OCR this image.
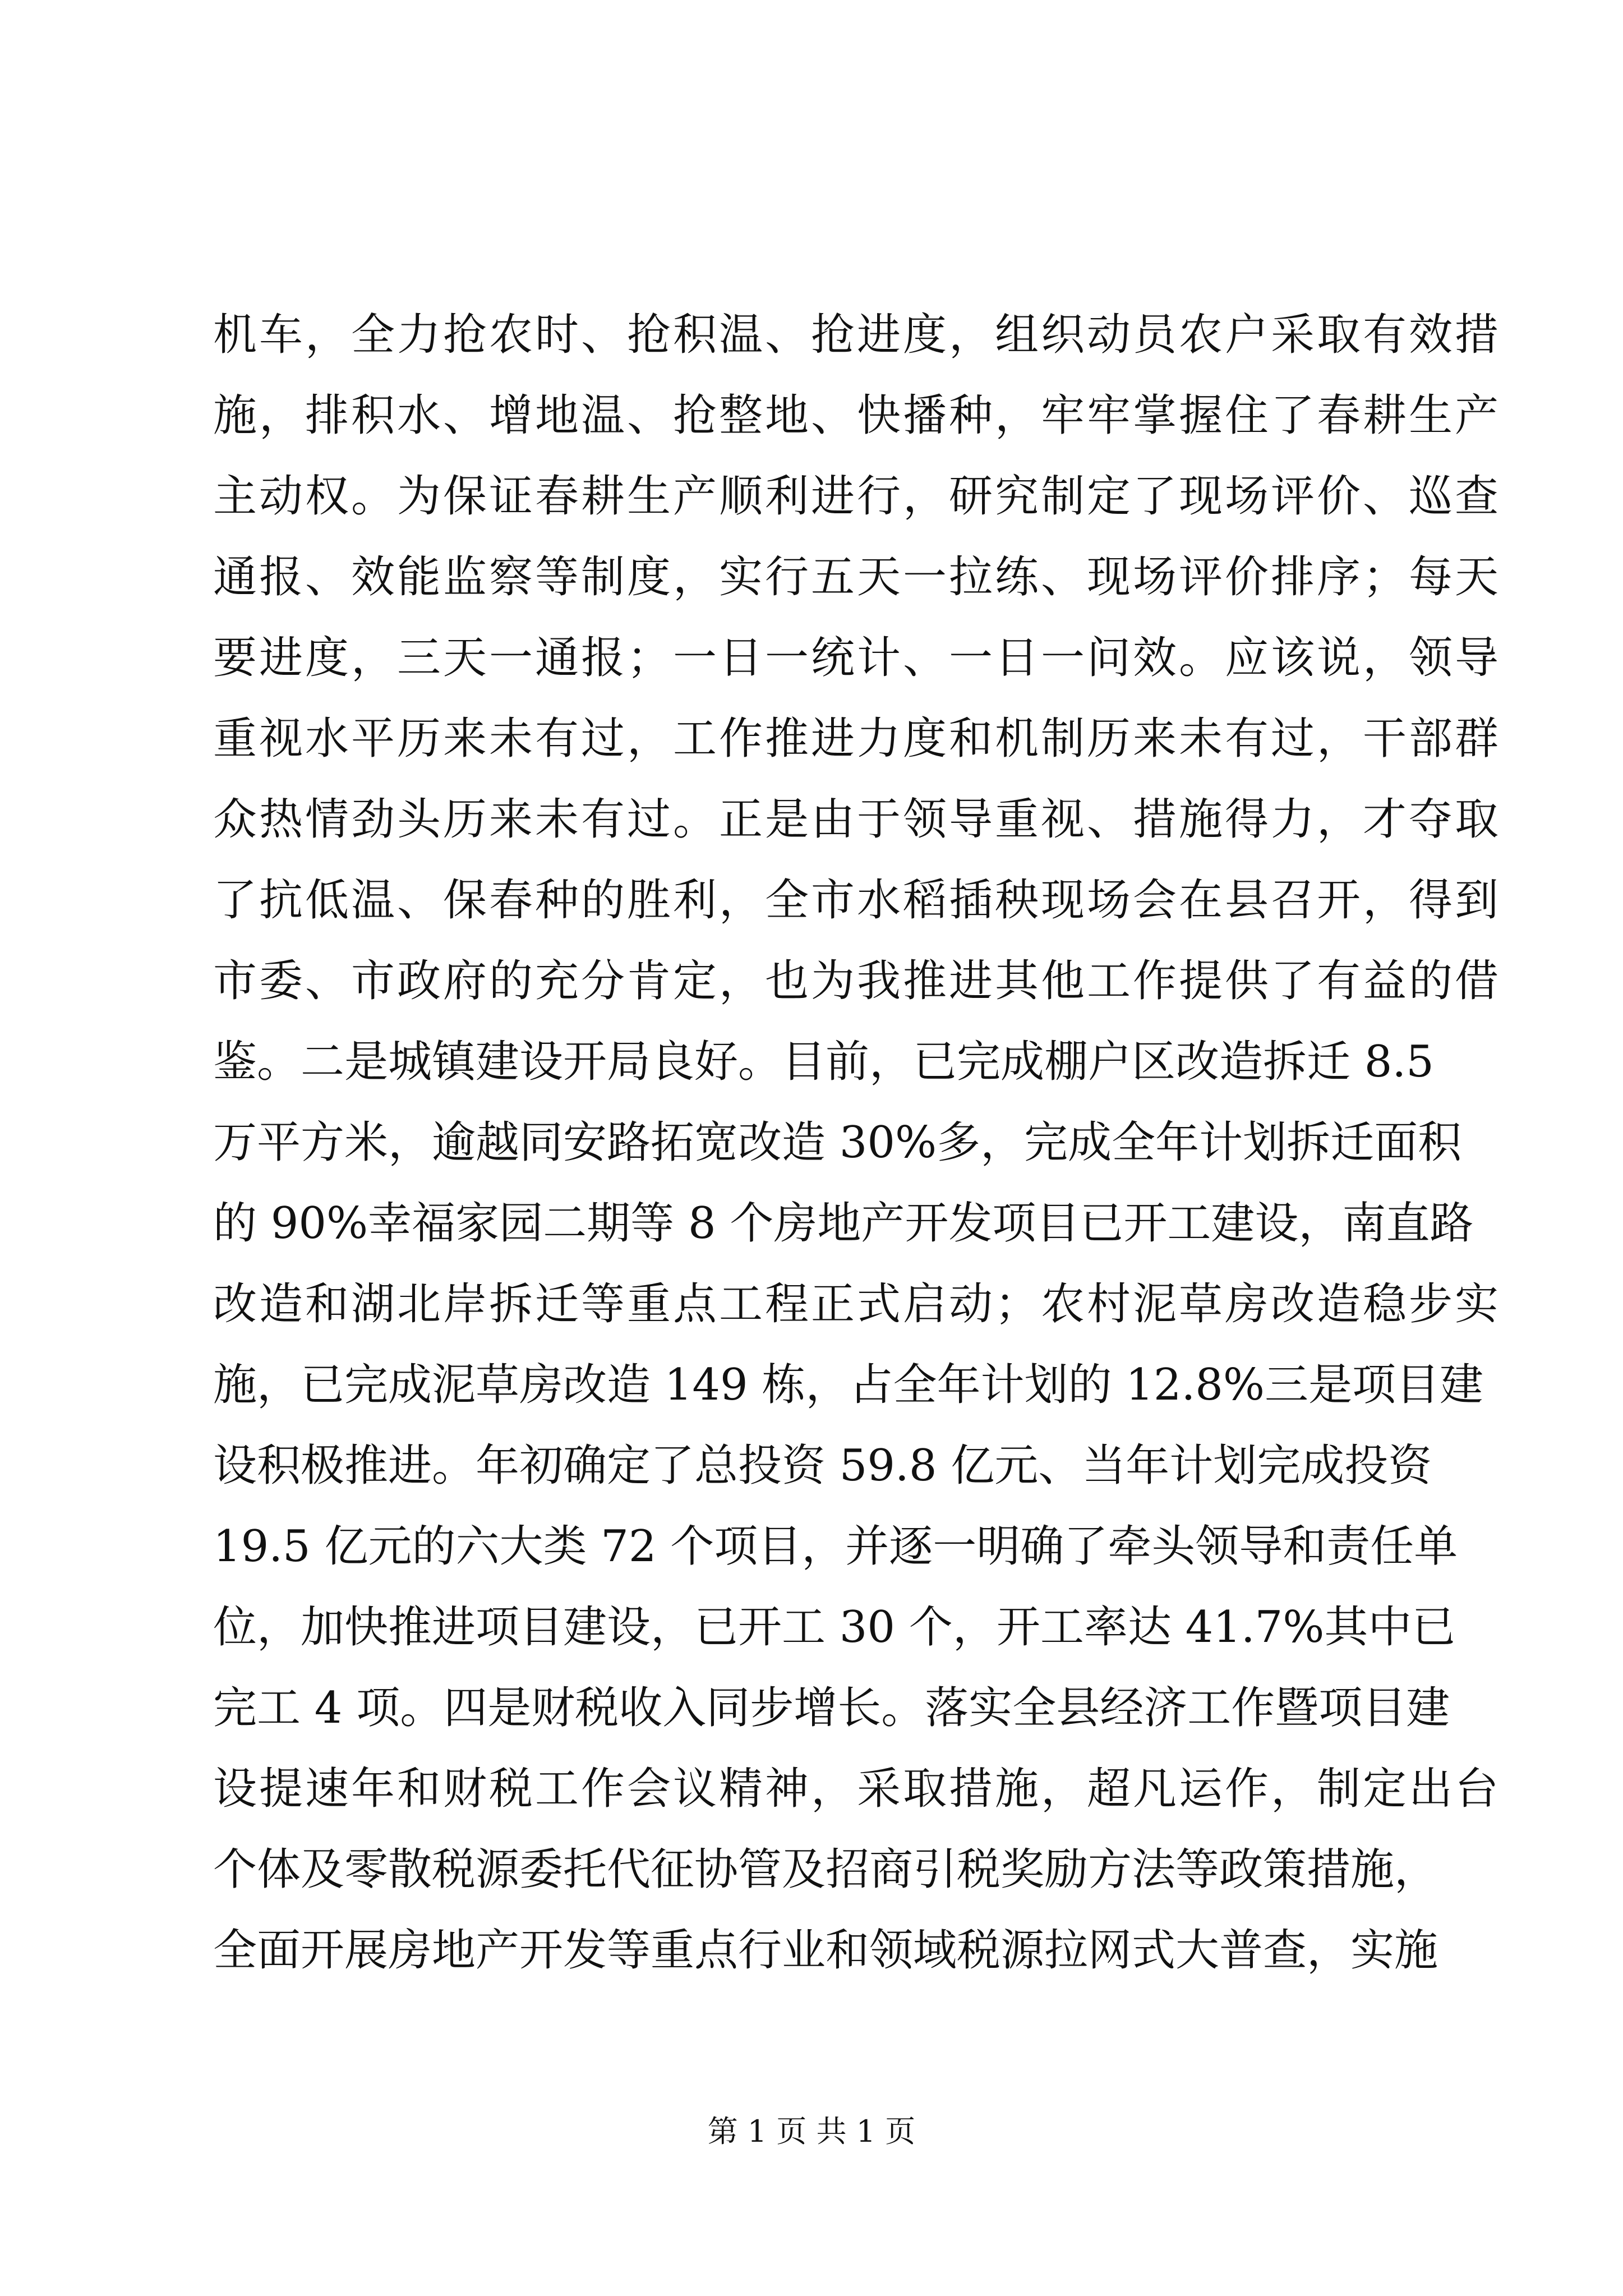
机车，全力抢农时、抢积温、抢进度，组织动员农户采取有效措
施，排积水、增地温、抢整地、快播种，牢牢掌握住了春耕生产
主动权。为保证春耕生产顺利进行，研究制定了现场评价、巡查
通报、效能监察等制度，实行五天一拉练、现场评价排序；每天
要进度，三天一通报；一日一统计、一日一问效。应该说，领导
重视水平历来未有过，工作推进力度和机制历来未有过，干部群
众热情劲头历来未有过。正是由于领导重视、措施得力，才夺取
了抗低温、保春种的胜利，全市水稻插秧现场会在县召开，得到
市委、市政府的充分肯定，也为我推进其他工作提供了有益的借
鉴。二是城镇建设开局良好。目前，已完成棚户区改造拆迁 8.5
万平方米，逾越同安路拓宽改造 30%多，完成全年计划拆迁面积
的 90%幸福家园二期等 8 个房地产开发项目已开工建设，南直路
改造和湖北岸拆迁等重点工程正式启动；农村泥草房改造稳步实
施，已完成泥草房改造 149 栋，占全年计划的 12.8%三是项目建
设积极推进。年初确定了总投资 59.8 亿元、当年计划完成投资
19.5 亿元的六大类 72 个项目，并逐一明确了牵头领导和责任单
位，加快推进项目建设，已开工 30 个，开工率达 41.7%其中已
完工 4 项。四是财税收入同步增长。落实全县经济工作暨项目建
设提速年和财税工作会议精神，采取措施，超凡运作，制定出台
个体及零散税源委托代征协管及招商引税奖励方法等政策措施，
全面开展房地产开发等重点行业和领域税源拉网式大普查，实施
第 1 页 共 1 页
